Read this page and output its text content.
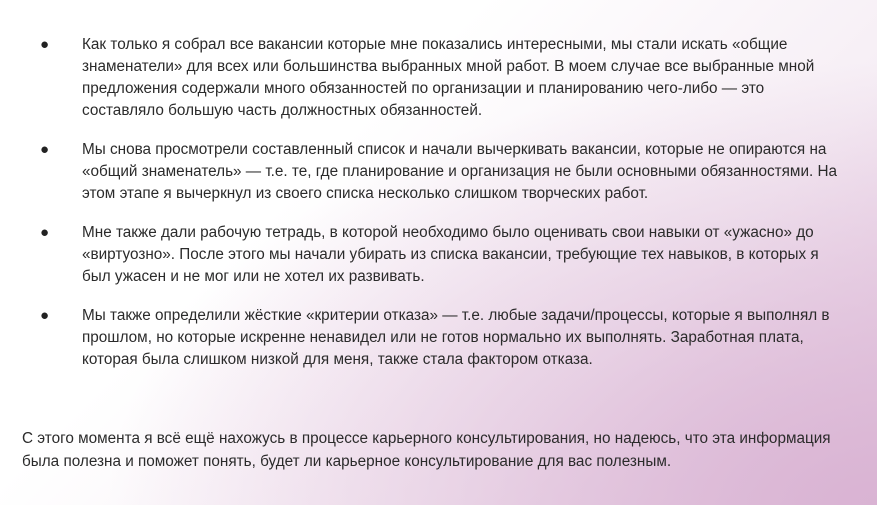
● Как только я собрал все вакансии которые мне показались интересными, мы стали искать «общие знаменатели» для всех или большинства выбранных мной работ. В моем случае все выбранные мной предложения содержали много обязанностей по организации и планированию чего-либо — это составляло большую часть должностных обязанностей.
● Мы снова просмотрели составленный список и начали вычеркивать вакансии, которые не опираются на «общий знаменатель» — т.е. те, где планирование и организация не были основными обязанностями. На этом этапе я вычеркнул из своего списка несколько слишком творческих работ.
● Мне также дали рабочую тетрадь, в которой необходимо было оценивать свои навыки от «ужасно» до «виртуозно». После этого мы начали убирать из списка вакансии, требующие тех навыков, в которых я был ужасен и не мог или не хотел их развивать.
● Мы также определили жёсткие «критерии отказа» — т.е. любые задачи/процессы, которые я выполнял в прошлом, но которые искренне ненавидел или не готов нормально их выполнять. Заработная плата, которая была слишком низкой для меня, также стала фактором отказа.

С этого момента я всё ещё нахожусь в процессе карьерного консультирования, но надеюсь, что эта информация была полезна и поможет понять, будет ли карьерное консультирование для вас полезным.
